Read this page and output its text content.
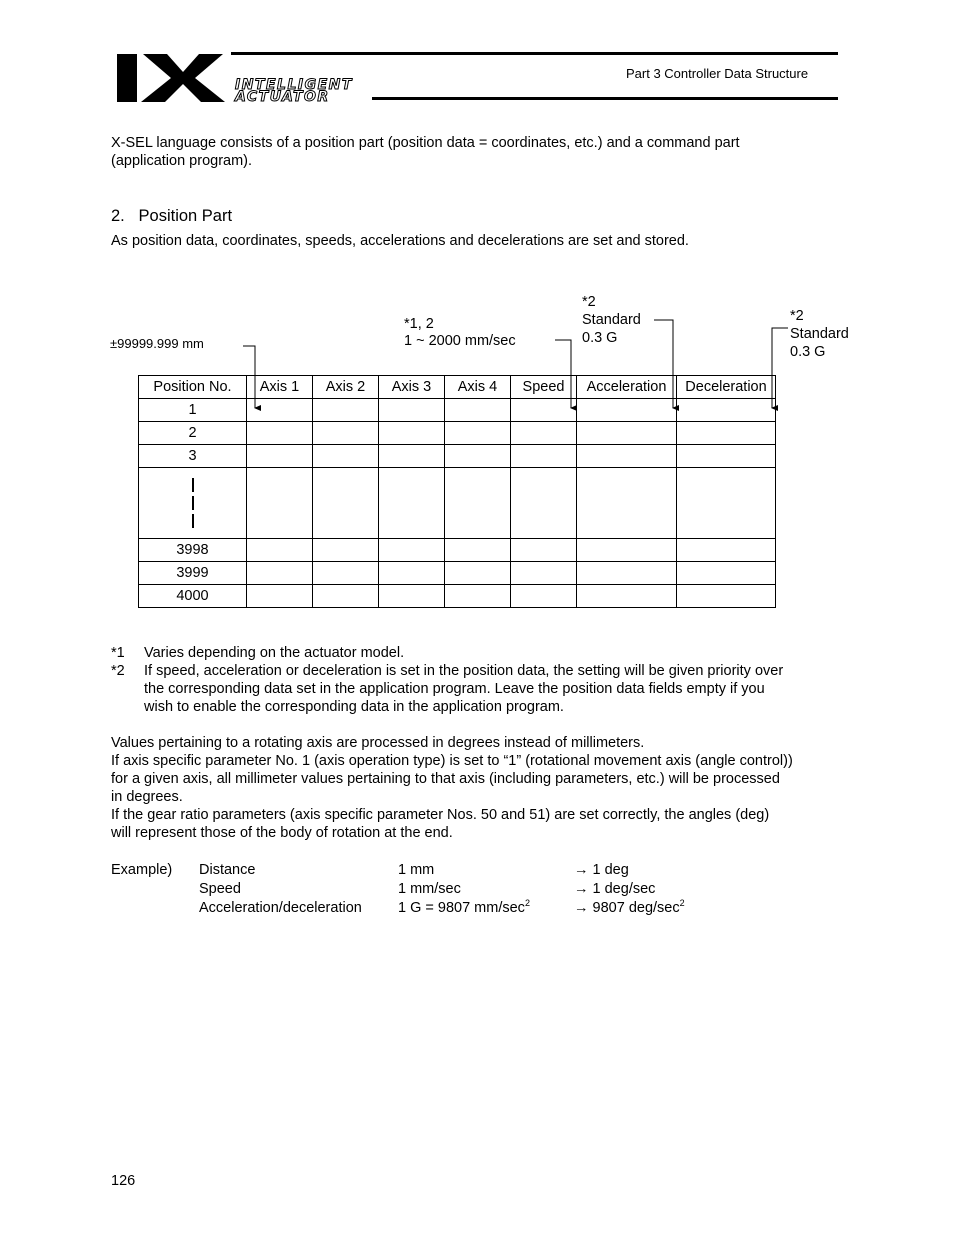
INTELLIGENT
ACTUATOR
Part 3 Controller Data Structure
X-SEL language consists of a position part (position data = coordinates, etc.) and a command part
(application program).
2.   Position Part
As position data, coordinates, speeds, accelerations and decelerations are set and stored.
±99999.999 mm
*1, 2
1 ~ 2000 mm/sec
*2
Standard
0.3 G
*2
Standard
0.3 G
Position No.	Axis 1	Axis 2	Axis 3	Axis 4	Speed	Acceleration	Deceleration
1							
2							
3							

3998							
3999							
4000							
*1 Varies depending on the actuator model.
*2 If speed, acceleration or deceleration is set in the position data, the setting will be given priority over
the corresponding data set in the application program. Leave the position data fields empty if you
wish to enable the corresponding data in the application program.
Values pertaining to a rotating axis are processed in degrees instead of millimeters.
If axis specific parameter No. 1 (axis operation type) is set to “1” (rotational movement axis (angle control))
for a given axis, all millimeter values pertaining to that axis (including parameters, etc.) will be processed
in degrees.
If the gear ratio parameters (axis specific parameter Nos. 50 and 51) are set correctly, the angles (deg)
will represent those of the body of rotation at the end.
Example) Distance	1 mm	→ 1 deg
Speed	1 mm/sec	→ 1 deg/sec
Acceleration/deceleration 1 G = 9807 $mm/\sec^2$	→ 9807 deg/$\sec^2$
126
